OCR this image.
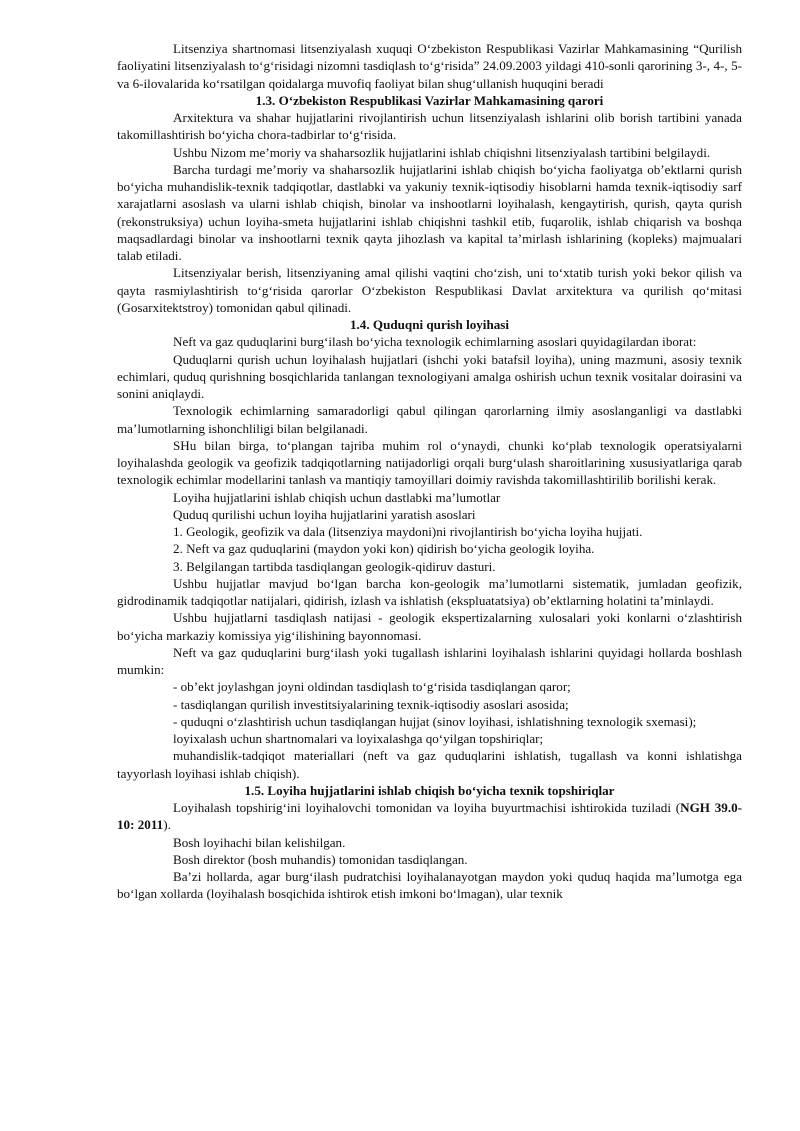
Litsenziya shartnomasi litsenziyalash xuquqi O‘zbekiston Respublikasi Vazirlar Mahkamasining “Qurilish faoliyatini litsenziyalash to‘g‘risidagi nizomni tasdiqlash to‘g‘risida” 24.09.2003 yildagi 410-sonli qarorining 3-, 4-, 5- va 6-ilovalarida ko‘rsatilgan qoidalarga muvofiq faoliyat bilan shug‘ullanish huquqini beradi

1.3. O‘zbekiston Respublikasi Vazirlar Mahkamasining qarori

Arxitektura va shahar hujjatlarini rivojlantirish uchun litsenziyalash ishlarini olib borish tartibini yanada takomillashtirish bo‘yicha chora-tadbirlar to‘g‘risida.

Ushbu Nizom me’moriy va shaharsozlik hujjatlarini ishlab chiqishni litsenziyalash tartibini belgilaydi.

Barcha turdagi me’moriy va shaharsozlik hujjatlarini ishlab chiqish bo‘yicha faoliyatga ob’ektlarni qurish bo‘yicha muhandislik-texnik tadqiqotlar, dastlabki va yakuniy texnik-iqtisodiy hisoblarni hamda texnik-iqtisodiy sarf xarajatlarni asoslash va ularni ishlab chiqish, binolar va inshootlarni loyihalash, kengaytirish, qurish, qayta qurish (rekonstruksiya) uchun loyiha-smeta hujjatlarini ishlab chiqishni tashkil etib, fuqarolik, ishlab chiqarish va boshqa maqsadlardagi binolar va inshootlarni texnik qayta jihozlash va kapital ta’mirlash ishlarining (kopleks) majmualari talab etiladi.

Litsenziyalar berish, litsenziyaning amal qilishi vaqtini cho‘zish, uni to‘xtatib turish yoki bekor qilish va qayta rasmiylashtirish to‘g‘risida qarorlar O‘zbekiston Respublikasi Davlat arxitektura va qurilish qo‘mitasi (Gosarxitektstroy) tomonidan qabul qilinadi.

1.4. Quduqni qurish loyihasi

Neft va gaz quduqlarini burg‘ilash bo‘yicha texnologik echimlarning asoslari quyidagilardan iborat:

Quduqlarni qurish uchun loyihalash hujjatlari (ishchi yoki batafsil loyiha), uning mazmuni, asosiy texnik echimlari, quduq qurishning bosqichlarida tanlangan texnologiyani amalga oshirish uchun texnik vositalar doirasini va sonini aniqlaydi.

Texnologik echimlarning samaradorligi qabul qilingan qarorlarning ilmiy asoslanganligi va dastlabki ma’lumotlarning ishonchliligi bilan belgilanadi.

SHu bilan birga, to‘plangan tajriba muhim rol o‘ynaydi, chunki ko‘plab texnologik operatsiyalarni loyihalashda geologik va geofizik tadqiqotlarning natijadorligi orqali burg‘ulash sharoitlarining xususiyatlariga qarab texnologik echimlar modellarini tanlash va mantiqiy tamoyillari doimiy ravishda takomillashtirilib borilishi kerak.

Loyiha hujjatlarini ishlab chiqish uchun dastlabki ma’lumotlar

Quduq qurilishi uchun loyiha hujjatlarini yaratish asoslari

1. Geologik, geofizik va dala (litsenziya maydoni)ni rivojlantirish bo‘yicha loyiha hujjati.

2. Neft va gaz quduqlarini (maydon yoki kon) qidirish bo‘yicha geologik loyiha.

3. Belgilangan tartibda tasdiqlangan geologik-qidiruv dasturi.

Ushbu hujjatlar mavjud bo‘lgan barcha kon-geologik ma’lumotlarni sistematik, jumladan geofizik, gidrodinamik tadqiqotlar natijalari, qidirish, izlash va ishlatish (ekspluatatsiya) ob’ektlarning holatini ta’minlaydi.

Ushbu hujjatlarni tasdiqlash natijasi - geologik ekspertizalarning xulosalari yoki konlarni o‘zlashtirish bo‘yicha markaziy komissiya yig‘ilishining bayonnomasi.

Neft va gaz quduqlarini burg‘ilash yoki tugallash ishlarini loyihalash ishlarini quyidagi hollarda boshlash mumkin:

- ob’ekt joylashgan joyni oldindan tasdiqlash to‘g‘risida tasdiqlangan qaror;

- tasdiqlangan qurilish investitsiyalarining texnik-iqtisodiy asoslari asosida;

- quduqni o‘zlashtirish uchun tasdiqlangan hujjat (sinov loyihasi, ishlatishning texnologik sxemasi);

loyixalash uchun shartnomalari va loyixalashga qo‘yilgan topshiriqlar;

muhandislik-tadqiqot materiallari (neft va gaz quduqlarini ishlatish, tugallash va konni ishlatishga tayyorlash loyihasi ishlab chiqish).

1.5. Loyiha hujjatlarini ishlab chiqish bo‘yicha texnik topshiriqlar

Loyihalash topshirig‘ini loyihalovchi tomonidan va loyiha buyurtmachisi ishtirokida tuziladi (NGH 39.0-10: 2011).

Bosh loyihachi bilan kelishilgan.

Bosh direktor (bosh muhandis) tomonidan tasdiqlangan.

Ba’zi hollarda, agar burg‘ilash pudratchisi loyihalanayotgan maydon yoki quduq haqida ma’lumotga ega bo‘lgan xollarda (loyihalash bosqichida ishtirok etish imkoni bo‘lmagan), ular texnik
